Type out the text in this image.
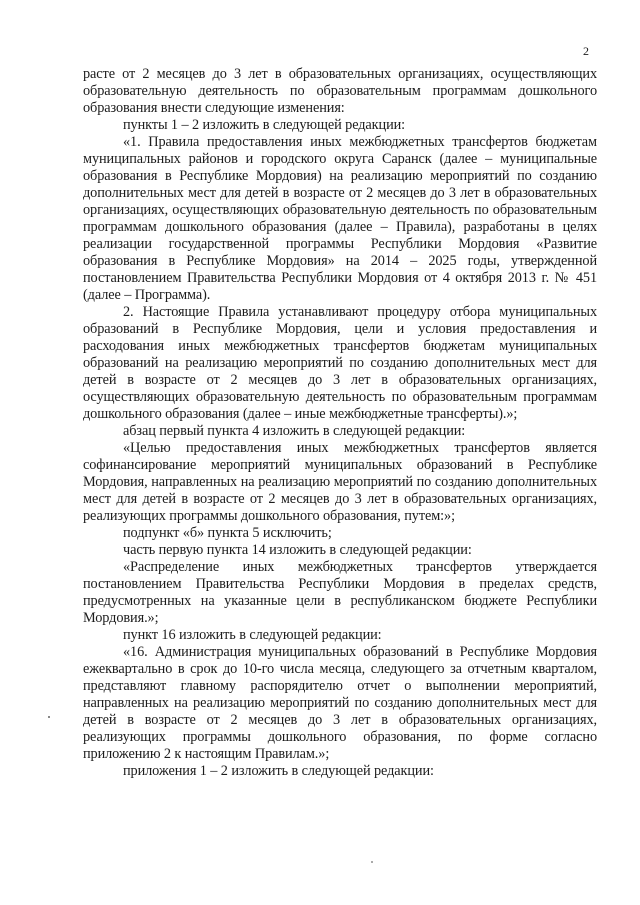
2

расте от 2 месяцев до 3 лет в образовательных организациях, осуществляющих образовательную деятельность по образовательным программам дошкольного образования внести следующие изменения:

пункты 1 – 2 изложить в следующей редакции:

«1. Правила предоставления иных межбюджетных трансфертов бюджетам муниципальных районов и городского округа Саранск (далее – муниципальные образования в Республике Мордовия) на реализацию мероприятий по созданию дополнительных мест для детей в возрасте от 2 месяцев до 3 лет в образовательных организациях, осуществляющих образовательную деятельность по образовательным программам дошкольного образования (далее – Правила), разработаны в целях реализации государственной программы Республики Мордовия «Развитие образования в Республике Мордовия» на 2014 – 2025 годы, утвержденной постановлением Правительства Республики Мордовия от 4 октября 2013 г. № 451 (далее – Программа).

2. Настоящие Правила устанавливают процедуру отбора муниципальных образований в Республике Мордовия, цели и условия предоставления и расходования иных межбюджетных трансфертов бюджетам муниципальных образований на реализацию мероприятий по созданию дополнительных мест для детей в возрасте от 2 месяцев до 3 лет в образовательных организациях, осуществляющих образовательную деятельность по образовательным программам дошкольного образования (далее – иные межбюджетные трансферты).»;

абзац первый пункта 4 изложить в следующей редакции:

«Целью предоставления иных межбюджетных трансфертов является софинансирование мероприятий муниципальных образований в Республике Мордовия, направленных на реализацию мероприятий по созданию дополнительных мест для детей в возрасте от 2 месяцев до 3 лет в образовательных организациях, реализующих программы дошкольного образования, путем:»;

подпункт «б» пункта 5 исключить;

часть первую пункта 14 изложить в следующей редакции:

«Распределение иных межбюджетных трансфертов утверждается постановлением Правительства Республики Мордовия в пределах средств, предусмотренных на указанные цели в республиканском бюджете Республики Мордовия.»;

пункт 16 изложить в следующей редакции:

«16. Администрация муниципальных образований в Республике Мордовия ежеквартально в срок до 10-го числа месяца, следующего за отчетным кварталом, представляют главному распорядителю отчет о выполнении мероприятий, направленных на реализацию мероприятий по созданию дополнительных мест для детей в возрасте от 2 месяцев до 3 лет в образовательных организациях, реализующих программы дошкольного образования, по форме согласно приложению 2 к настоящим Правилам.»;

приложения 1 – 2 изложить в следующей редакции:
